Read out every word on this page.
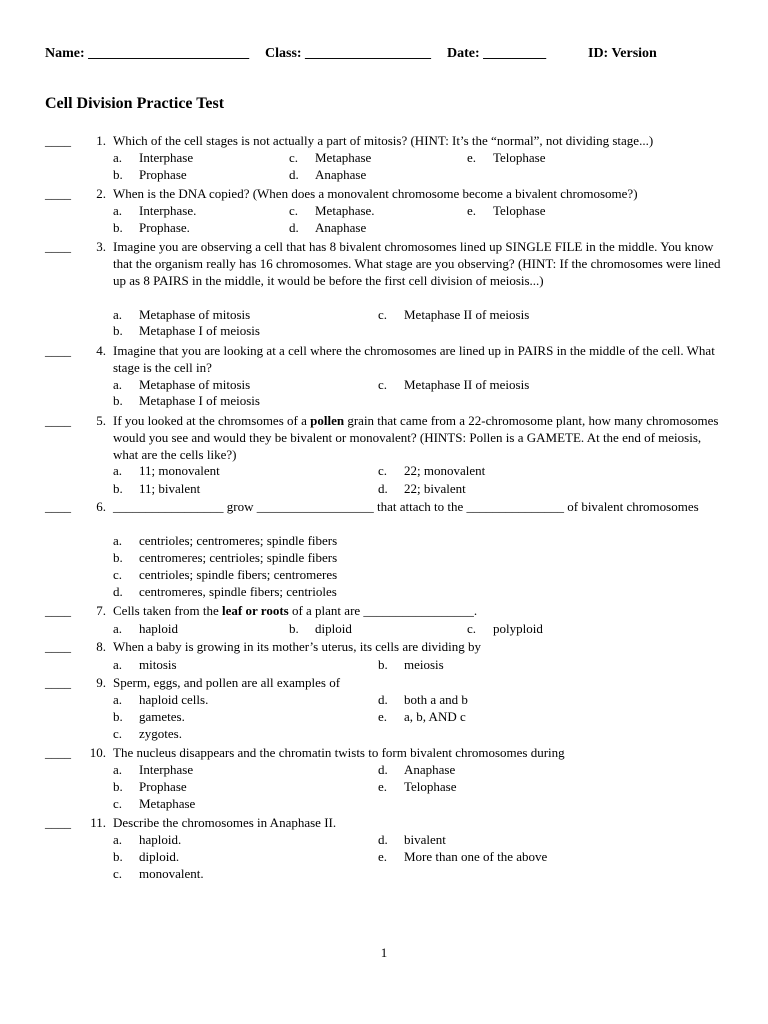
Name: _______________________ Class: __________________ Date: _________	ID: Version
Cell Division Practice Test
____	1. Which of the cell stages is not actually a part of mitosis? (HINT: It’s the “normal”, not dividing stage...)
a. Interphase	c. Metaphase	e. Telophase
b. Prophase	d. Anaphase
____	2. When is the DNA copied? (When does a monovalent chromosome become a bivalent chromosome?)
a. Interphase.	c. Metaphase.	e. Telophase
b. Prophase.	d. Anaphase
____	3. Imagine you are observing a cell that has 8 bivalent chromosomes lined up SINGLE FILE in the middle. You know that the organism really has 16 chromosomes. What stage are you observing? (HINT: If the chromosomes were lined up as 8 PAIRS in the middle, it would be before the first cell division of meiosis...)
a. Metaphase of mitosis	c. Metaphase II of meiosis
b. Metaphase I of meiosis
____	4. Imagine that you are looking at a cell where the chromosomes are lined up in PAIRS in the middle of the cell. What stage is the cell in?
a. Metaphase of mitosis	c. Metaphase II of meiosis
b. Metaphase I of meiosis
____	5. If you looked at the chromsomes of a pollen grain that came from a 22-chromosome plant, how many chromosomes would you see and would they be bivalent or monovalent? (HINTS: Pollen is a GAMETE. At the end of meiosis, what are the cells like?)
a. 11; monovalent	c. 22; monovalent
b. 11; bivalent	d. 22; bivalent
____	6. _________________ grow __________________ that attach to the _______________ of bivalent chromosomes
a. centrioles; centromeres; spindle fibers
b. centromeres; centrioles; spindle fibers
c. centrioles; spindle fibers; centromeres
d. centromeres, spindle fibers; centrioles
____	7. Cells taken from the leaf or roots of a plant are _________________.
a. haploid	b. diploid	c. polyploid
____	8. When a baby is growing in its mother’s uterus, its cells are dividing by
a. mitosis	b. meiosis
____	9. Sperm, eggs, and pollen are all examples of
a. haploid cells.	d. both a and b
b. gametes.	e. a, b, AND c
c. zygotes.
____	10. The nucleus disappears and the chromatin twists to form bivalent chromosomes during
a. Interphase	d. Anaphase
b. Prophase	e. Telophase
c. Metaphase
____	11. Describe the chromosomes in Anaphase II.
a. haploid.	d. bivalent
b. diploid.	e. More than one of the above
c. monovalent.
1
